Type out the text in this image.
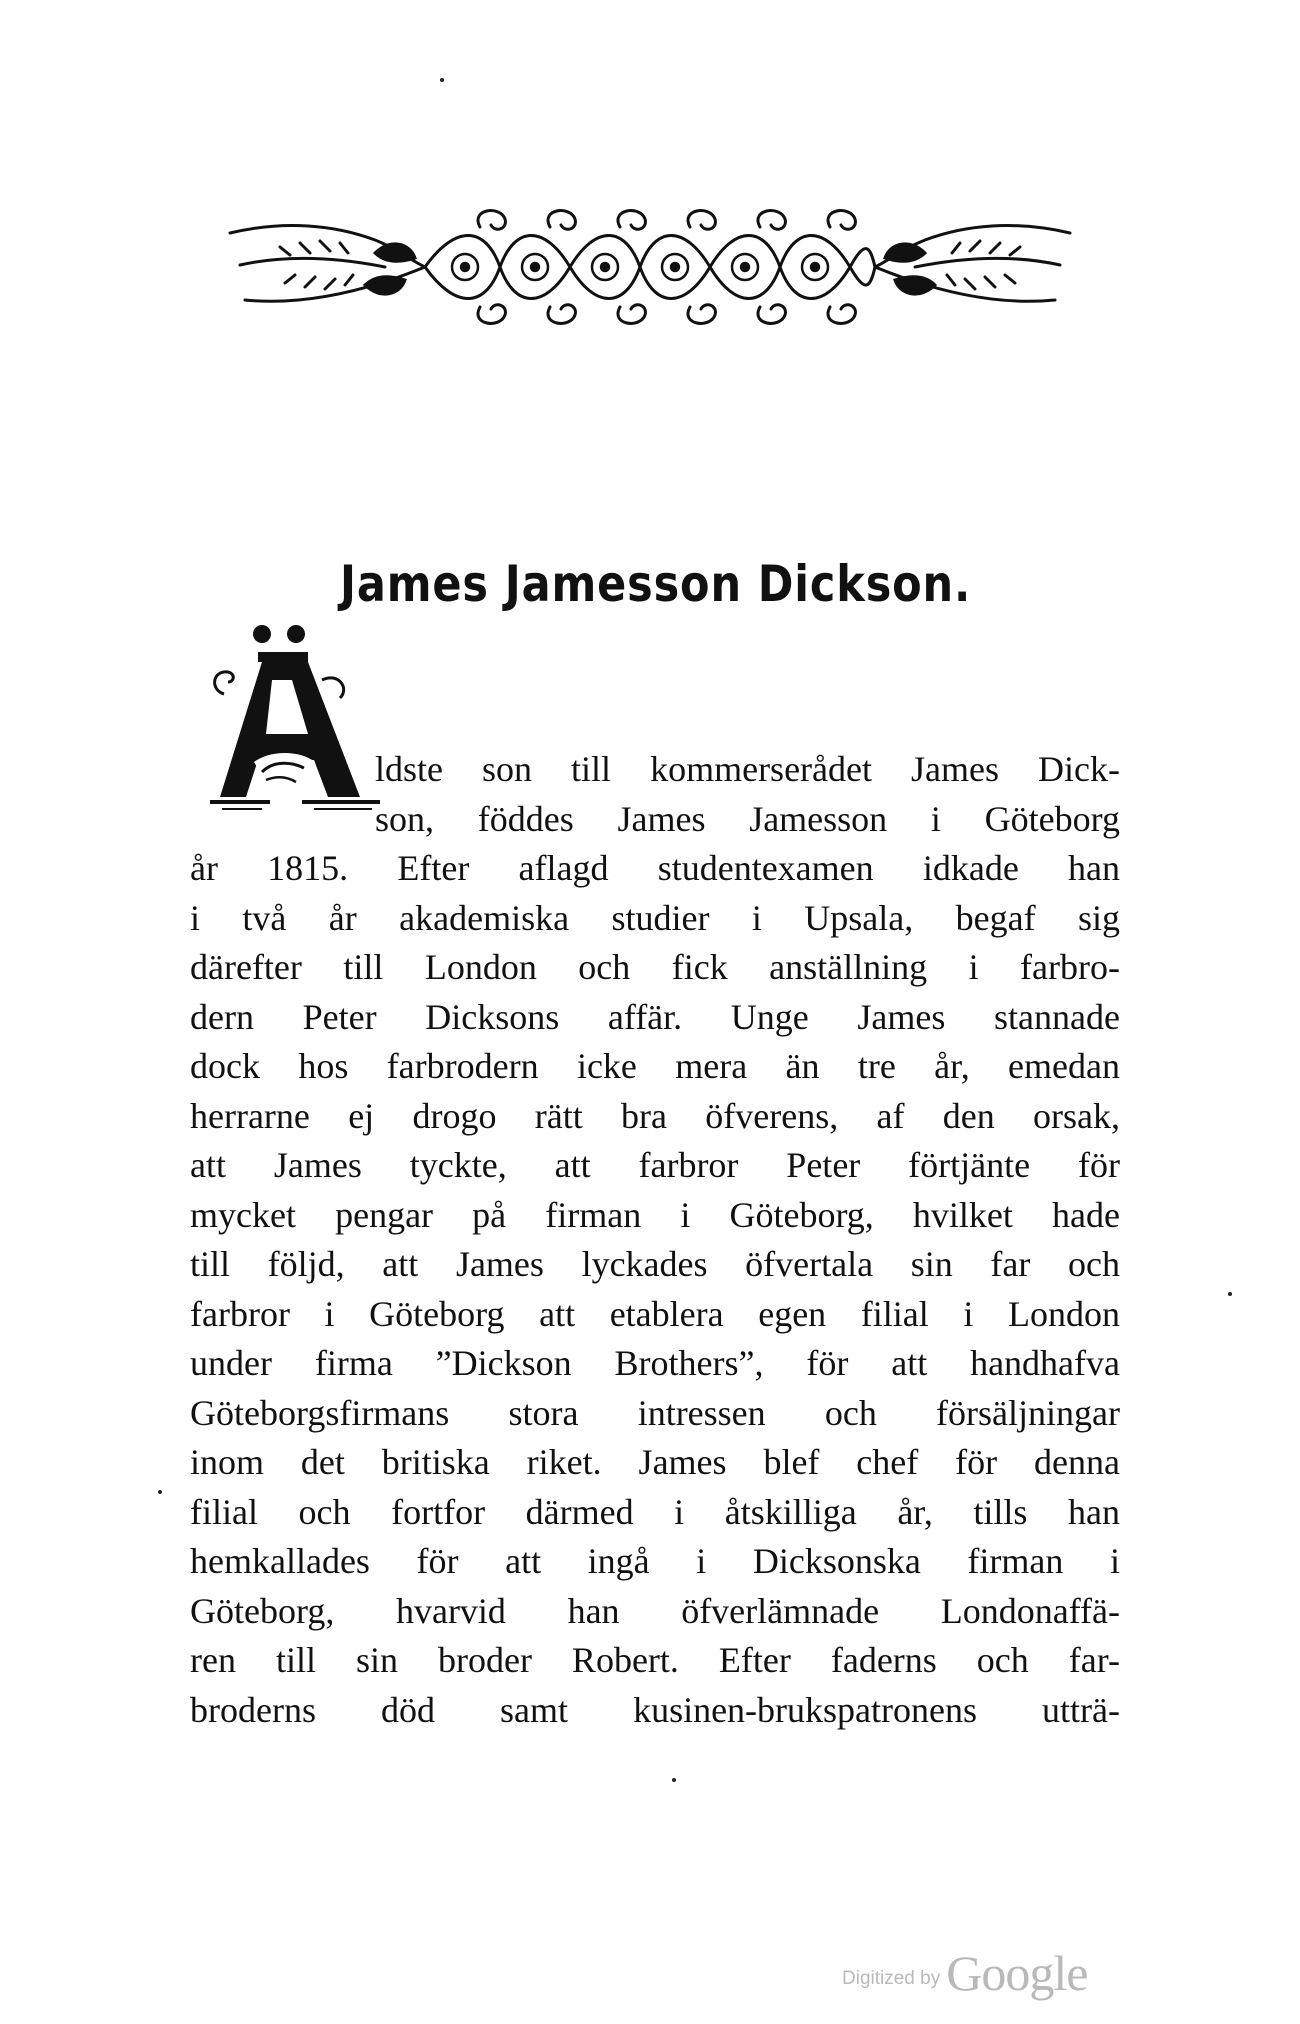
James Jamesson Dickson.
ldste son till kommerserådet James Dick-
son, föddes James Jamesson i Göteborg
år 1815. Efter aflagd studentexamen idkade han
i två år akademiska studier i Upsala, begaf sig
därefter till London och fick anställning i farbro-
dern Peter Dicksons affär. Unge James stannade
dock hos farbrodern icke mera än tre år, emedan
herrarne ej drogo rätt bra öfverens, af den orsak,
att James tyckte, att farbror Peter förtjänte för
mycket pengar på firman i Göteborg, hvilket hade
till följd, att James lyckades öfvertala sin far och
farbror i Göteborg att etablera egen filial i London
under firma ”Dickson Brothers”, för att handhafva
Göteborgsfirmans stora intressen och försäljningar
inom det britiska riket. James blef chef för denna
filial och fortfor därmed i åtskilliga år, tills han
hemkallades för att ingå i Dicksonska firman i
Göteborg, hvarvid han öfverlämnade Londonaffä-
ren till sin broder Robert. Efter faderns och far-
broderns död samt kusinen-brukspatronens utträ-
Digitized by Google
